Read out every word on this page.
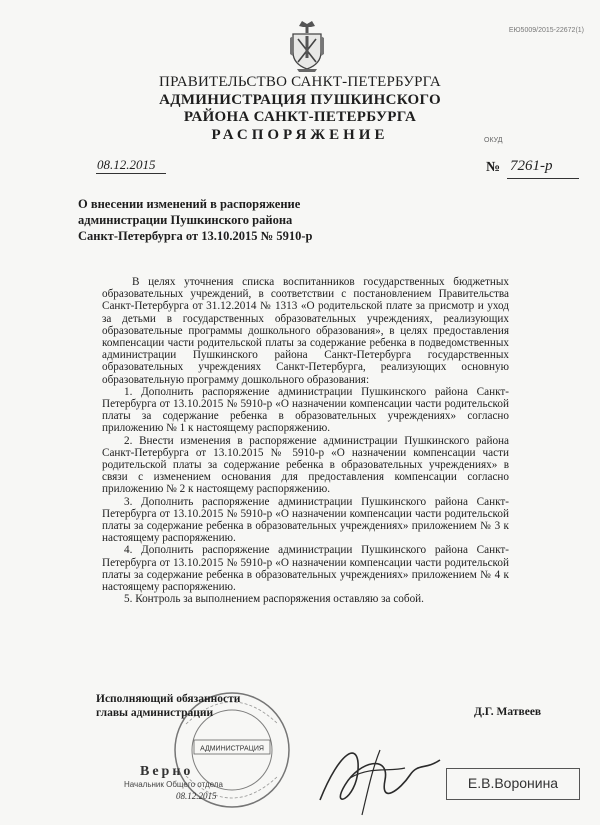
ЕЮ5009/2015-22672(1)
ПРАВИТЕЛЬСТВО САНКТ-ПЕТЕРБУРГА
АДМИНИСТРАЦИЯ ПУШКИНСКОГО
РАЙОНА САНКТ-ПЕТЕРБУРГА
РАСПОРЯЖЕНИЕ	ОКУД
08.12.2015	№ 7261-р
О внесении изменений в распоряжение
администрации Пушкинского района
Санкт-Петербурга от 13.10.2015 № 5910-р

В целях уточнения списка воспитанников государственных бюджетных образовательных учреждений, в соответствии с постановлением Правительства Санкт-Петербурга от 31.12.2014 № 1313 «О родительской плате за присмотр и уход за детьми в государственных образовательных учреждениях, реализующих образовательные программы дошкольного образования», в целях предоставления компенсации части родительской платы за содержание ребенка в подведомственных администрации Пушкинского района Санкт-Петербурга государственных образовательных учреждениях Санкт-Петербурга, реализующих основную образовательную программу дошкольного образования:

1. Дополнить распоряжение администрации Пушкинского района Санкт-Петербурга от 13.10.2015 № 5910-р «О назначении компенсации части родительской платы за содержание ребенка в образовательных учреждениях» согласно приложению № 1 к настоящему распоряжению.

2. Внести изменения в распоряжение администрации Пушкинского района Санкт-Петербурга от 13.10.2015 № 5910-р «О назначении компенсации части родительской платы за содержание ребенка в образовательных учреждениях» в связи с изменением основания для предоставления компенсации согласно приложению № 2 к настоящему распоряжению.

3. Дополнить распоряжение администрации Пушкинского района Санкт-Петербурга от 13.10.2015 № 5910-р «О назначении компенсации части родительской платы за содержание ребенка в образовательных учреждениях» приложением № 3 к настоящему распоряжению.

4. Дополнить распоряжение администрации Пушкинского района Санкт-Петербурга от 13.10.2015 № 5910-р «О назначении компенсации части родительской платы за содержание ребенка в образовательных учреждениях» приложением № 4 к настоящему распоряжению.

5. Контроль за выполнением распоряжения оставляю за собой.

АДМИНИСТРАЦИЯ
Исполняющий обязанности
главы администрации	Д.Г. Матвеев
Верно
Начальник Общего отдела
08.12.2015
Е.В.Воронина
